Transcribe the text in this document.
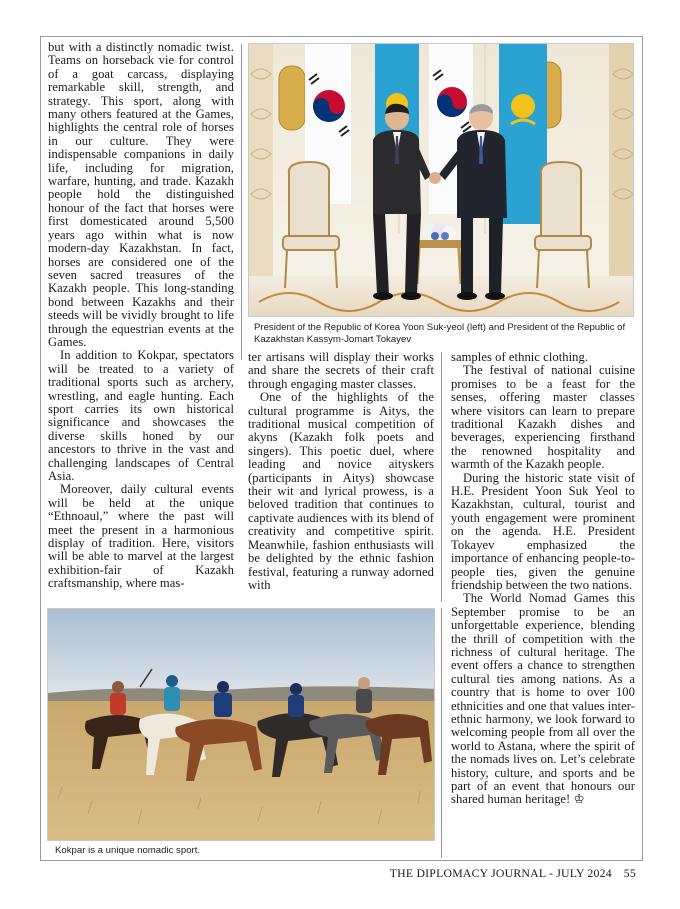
but with a distinctly nomadic twist. Teams on horseback vie for control of a goat carcass, displaying remarkable skill, strength, and strategy. This sport, along with many others featured at the Games, highlights the central role of horses in our culture. They were indispensable companions in daily life, including for migration, warfare, hunting, and trade. Kazakh people hold the distinguished honour of the fact that horses were first domesticated around 5,500 years ago within what is now modern-day Kazakhstan. In fact, horses are considered one of the seven sacred treasures of the Kazakh people. This long-standing bond between Kazakhs and their steeds will be vividly brought to life through the equestrian events at the Games.

In addition to Kokpar, spectators will be treated to a variety of traditional sports such as archery, wrestling, and eagle hunting. Each sport carries its own historical significance and showcases the diverse skills honed by our ancestors to thrive in the vast and challenging landscapes of Central Asia.

Moreover, daily cultural events will be held at the unique “Ethnoaul,” where the past will meet the present in a harmonious display of tradition. Here, visitors will be able to marvel at the largest exhibition-fair of Kazakh craftsmanship, where mas-

President of the Republic of Korea Yoon Suk-yeol (left) and President of the Republic of Kazakhstan Kassym-Jomart Tokayev

ter artisans will display their works and share the secrets of their craft through engaging master classes.

One of the highlights of the cultural programme is Aitys, the traditional musical competition of akyns (Kazakh folk poets and singers). This poetic duel, where leading and novice aityskers (participants in Aitys) showcase their wit and lyrical prowess, is a beloved tradition that continues to captivate audiences with its blend of creativity and competitive spirit. Meanwhile, fashion enthusiasts will be delighted by the ethnic fashion festival, featuring a runway adorned with

samples of ethnic clothing.

The festival of national cuisine promises to be a feast for the senses, offering master classes where visitors can learn to prepare traditional Kazakh dishes and beverages, experiencing firsthand the renowned hospitality and warmth of the Kazakh people.

During the historic state visit of H.E. President Yoon Suk Yeol to Kazakhstan, cultural, tourist and youth engagement were prominent on the agenda. H.E. President Tokayev emphasized the importance of enhancing people-to-people ties, given the genuine friendship between the two nations.

The World Nomad Games this September promise to be an unforgettable experience, blending the thrill of competition with the richness of cultural heritage. The event offers a chance to strengthen cultural ties among nations. As a country that is home to over 100 ethnicities and one that values inter-ethnic harmony, we look forward to welcoming people from all over the world to Astana, where the spirit of the nomads lives on. Let’s celebrate history, culture, and sports and be part of an event that honours our shared human heritage! ♔

Kokpar is a unique nomadic sport.
THE DIPLOMACY JOURNAL - JULY 2024 55
